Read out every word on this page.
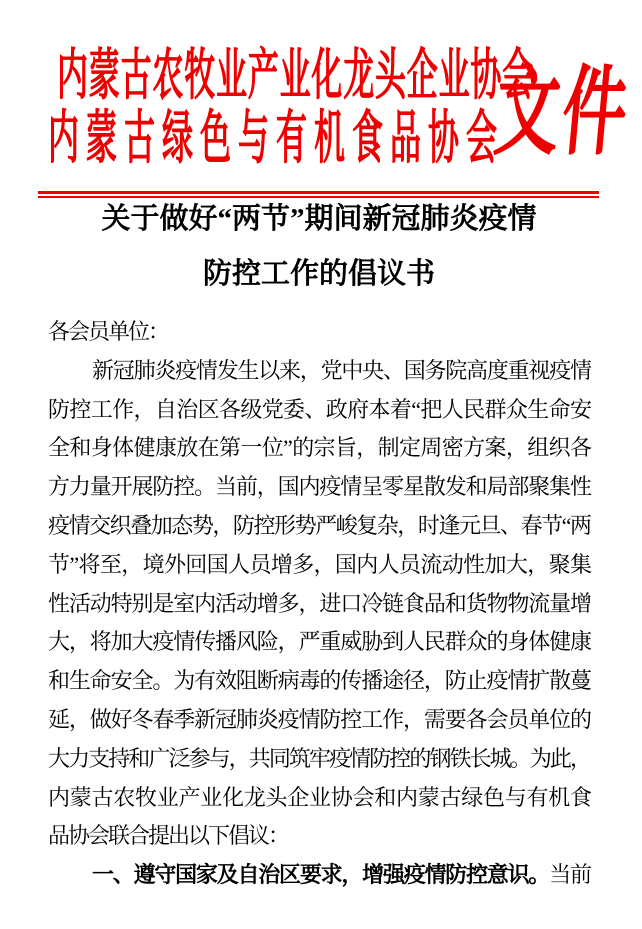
内蒙古农牧业产业化龙头企业协会
内蒙古绿色与有机食品协会
文件
关于做好“两节”期间新冠肺炎疫情
防控工作的倡议书
各会员单位：
新冠肺炎疫情发生以来，党中央、国务院高度重视疫情
防控工作，自治区各级党委、政府本着“把人民群众生命安
全和身体健康放在第一位”的宗旨，制定周密方案，组织各
方力量开展防控。当前，国内疫情呈零星散发和局部聚集性
疫情交织叠加态势，防控形势严峻复杂，时逢元旦、春节“两
节”将至，境外回国人员增多，国内人员流动性加大，聚集
性活动特别是室内活动增多，进口冷链食品和货物物流量增
大，将加大疫情传播风险，严重威胁到人民群众的身体健康
和生命安全。为有效阻断病毒的传播途径，防止疫情扩散蔓
延，做好冬春季新冠肺炎疫情防控工作，需要各会员单位的
大力支持和广泛参与，共同筑牢疫情防控的钢铁长城。为此，
内蒙古农牧业产业化龙头企业协会和内蒙古绿色与有机食
品协会联合提出以下倡议：
一、遵守国家及自治区要求，增强疫情防控意识。当前
